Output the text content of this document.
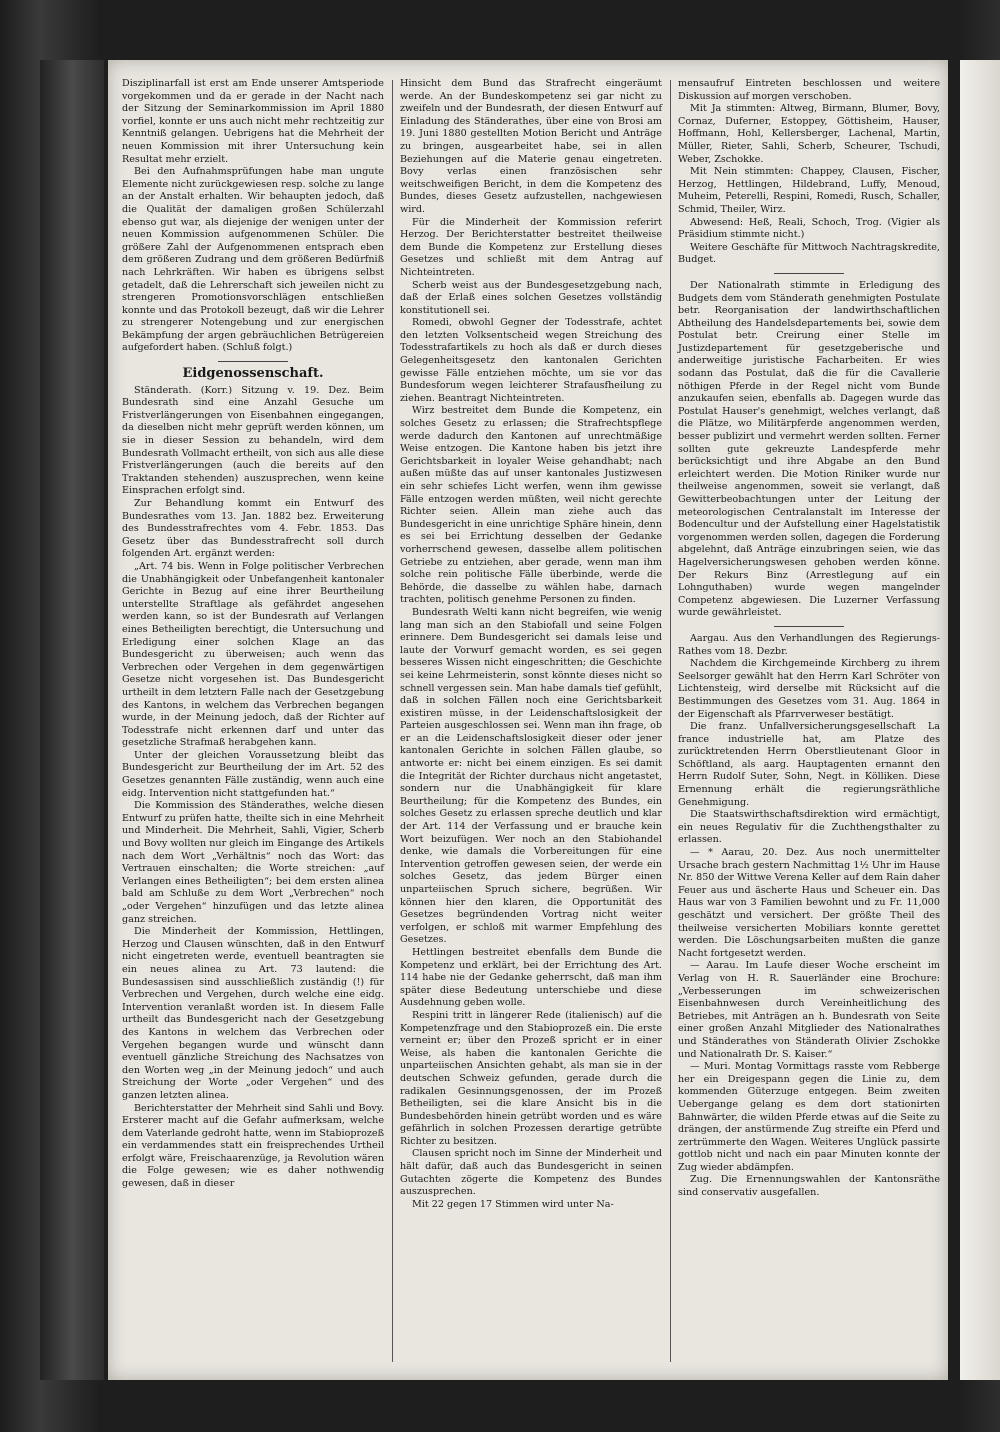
Disziplinarfall ist erst am Ende unserer Amtsperiode vorgekommen und da er gerade in der Nacht nach der Sitzung der Seminarkommission im April 1880 vorfiel, konnte er uns auch nicht mehr rechtzeitig zur Kenntniß gelangen. Uebrigens hat die Mehrheit der neuen Kommission mit ihrer Untersuchung kein Resultat mehr erzielt.

Bei den Aufnahmsprüfungen habe man ungute Elemente nicht zurückgewiesen resp. solche zu lange an der Anstalt erhalten. Wir behaupten jedoch, daß die Qualität der damaligen großen Schülerzahl ebenso gut war, als diejenige der wenigen unter der neuen Kommission aufgenommenen Schüler. Die größere Zahl der Aufgenommenen entsprach eben dem größeren Zudrang und dem größeren Bedürfniß nach Lehrkräften. Wir haben es übrigens selbst getadelt, daß die Lehrerschaft sich jeweilen nicht zu strengeren Promotionsvorschlägen entschließen konnte und das Protokoll bezeugt, daß wir die Lehrer zu strengerer Notengebung und zur energischen Bekämpfung der argen gebräuchlichen Betrügereien aufgefordert haben. (Schluß folgt.)

Eidgenossenschaft.

Ständerath. (Korr.) Sitzung v. 19. Dez. Beim Bundesrath sind eine Anzahl Gesuche um Fristverlängerungen von Eisenbahnen eingegangen, da dieselben nicht mehr geprüft werden können, um sie in dieser Session zu behandeln, wird dem Bundesrath Vollmacht ertheilt, von sich aus alle diese Fristverlängerungen (auch die bereits auf den Traktanden stehenden) auszusprechen, wenn keine Einsprachen erfolgt sind.

Zur Behandlung kommt ein Entwurf des Bundesrathes vom 13. Jan. 1882 bez. Erweiterung des Bundesstrafrechtes vom 4. Febr. 1853. Das Gesetz über das Bundesstrafrecht soll durch folgenden Art. ergänzt werden:

„Art. 74 bis. Wenn in Folge politischer Verbrechen die Unabhängigkeit oder Unbefangenheit kantonaler Gerichte in Bezug auf eine ihrer Beurtheilung unterstellte Straftlage als gefährdet angesehen werden kann, so ist der Bundesrath auf Verlangen eines Betheiligten berechtigt, die Untersuchung und Erledigung einer solchen Klage an das Bundesgericht zu überweisen; auch wenn das Verbrechen oder Vergehen in dem gegenwärtigen Gesetze nicht vorgesehen ist. Das Bundesgericht urtheilt in dem letztern Falle nach der Gesetzgebung des Kantons, in welchem das Verbrechen begangen wurde, in der Meinung jedoch, daß der Richter auf Todesstrafe nicht erkennen darf und unter das gesetzliche Strafmaß herabgehen kann.

Unter der gleichen Voraussetzung bleibt das Bundesgericht zur Beurtheilung der im Art. 52 des Gesetzes genannten Fälle zuständig, wenn auch eine eidg. Intervention nicht stattgefunden hat.“

Die Kommission des Ständerathes, welche diesen Entwurf zu prüfen hatte, theilte sich in eine Mehrheit und Minderheit. Die Mehrheit, Sahli, Vigier, Scherb und Bovy wollten nur gleich im Eingange des Artikels nach dem Wort „Verhältnis“ noch das Wort: das Vertrauen einschalten; die Worte streichen: „auf Verlangen eines Betheiligten“; bei dem ersten alinea bald am Schluße zu dem Wort „Verbrechen“ noch „oder Vergehen“ hinzufügen und das letzte alinea ganz streichen.

Die Minderheit der Kommission, Hettlingen, Herzog und Clausen wünschten, daß in den Entwurf nicht eingetreten werde, eventuell beantragten sie ein neues alinea zu Art. 73 lautend: die Bundesassisen sind ausschließlich zuständig (!) für Verbrechen und Vergehen, durch welche eine eidg. Intervention veranlaßt worden ist. In diesem Falle urtheilt das Bundesgericht nach der Gesetzgebung des Kantons in welchem das Verbrechen oder Vergehen begangen wurde und wünscht dann eventuell gänzliche Streichung des Nachsatzes von den Worten weg „in der Meinung jedoch“ und auch Streichung der Worte „oder Vergehen“ und des ganzen letzten alinea.

Berichterstatter der Mehrheit sind Sahli und Bovy. Ersterer macht auf die Gefahr aufmerksam, welche dem Vaterlande gedroht hatte, wenn im Stabioprozeß ein verdammendes statt ein freisprechendes Urtheil erfolgt wäre, Freischaarenzüge, ja Revolution wären die Folge gewesen; wie es daher nothwendig gewesen, daß in dieser

Hinsicht dem Bund das Strafrecht eingeräumt werde. An der Bundeskompetenz sei gar nicht zu zweifeln und der Bundesrath, der diesen Entwurf auf Einladung des Ständerathes, über eine von Brosi am 19. Juni 1880 gestellten Motion Bericht und Anträge zu bringen, ausgearbeitet habe, sei in allen Beziehungen auf die Materie genau eingetreten. Bovy verlas einen französischen sehr weitschweifigen Bericht, in dem die Kompetenz des Bundes, dieses Gesetz aufzustellen, nachgewiesen wird.

Für die Minderheit der Kommission referirt Herzog. Der Berichterstatter bestreitet theilweise dem Bunde die Kompetenz zur Erstellung dieses Gesetzes und schließt mit dem Antrag auf Nichteintreten.

Scherb weist aus der Bundesgesetzgebung nach, daß der Erlaß eines solchen Gesetzes vollständig konstitutionell sei.

Romedi, obwohl Gegner der Todesstrafe, achtet den letzten Volksentscheid wegen Streichung des Todesstrafartikels zu hoch als daß er durch dieses Gelegenheitsgesetz den kantonalen Gerichten gewisse Fälle entziehen möchte, um sie vor das Bundesforum wegen leichterer Strafausfheilung zu ziehen. Beantragt Nichteintreten.

Wirz bestreitet dem Bunde die Kompetenz, ein solches Gesetz zu erlassen; die Strafrechtspflege werde dadurch den Kantonen auf unrechtmäßige Weise entzogen. Die Kantone haben bis jetzt ihre Gerichtsbarkeit in loyaler Weise gehandhabt; nach außen müßte das auf unser kantonales Justizwesen ein sehr schiefes Licht werfen, wenn ihm gewisse Fälle entzogen werden müßten, weil nicht gerechte Richter seien. Allein man ziehe auch das Bundesgericht in eine unrichtige Sphäre hinein, denn es sei bei Errichtung desselben der Gedanke vorherrschend gewesen, dasselbe allem politischen Getriebe zu entziehen, aber gerade, wenn man ihm solche rein politische Fälle überbinde, werde die Behörde, die dasselbe zu wählen habe, darnach trachten, politisch genehme Personen zu finden.

Bundesrath Welti kann nicht begreifen, wie wenig lang man sich an den Stabiofall und seine Folgen erinnere. Dem Bundesgericht sei damals leise und laute der Vorwurf gemacht worden, es sei gegen besseres Wissen nicht eingeschritten; die Geschichte sei keine Lehrmeisterin, sonst könnte dieses nicht so schnell vergessen sein. Man habe damals tief gefühlt, daß in solchen Fällen noch eine Gerichtsbarkeit existiren müsse, in der Leidenschaftslosigkeit der Parteien ausgeschlossen sei. Wenn man ihn frage, ob er an die Leidenschaftslosigkeit dieser oder jener kantonalen Gerichte in solchen Fällen glaube, so antworte er: nicht bei einem einzigen. Es sei damit die Integrität der Richter durchaus nicht angetastet, sondern nur die Unabhängigkeit für klare Beurtheilung; für die Kompetenz des Bundes, ein solches Gesetz zu erlassen spreche deutlich und klar der Art. 114 der Verfassung und er brauche kein Wort beizufügen. Wer noch an den Stabiohandel denke, wie damals die Vorbereitungen für eine Intervention getroffen gewesen seien, der werde ein solches Gesetz, das jedem Bürger einen unparteiischen Spruch sichere, begrüßen. Wir können hier den klaren, die Opportunität des Gesetzes begründenden Vortrag nicht weiter verfolgen, er schloß mit warmer Empfehlung des Gesetzes.

Hettlingen bestreitet ebenfalls dem Bunde die Kompetenz und erklärt, bei der Errichtung des Art. 114 habe nie der Gedanke geherrscht, daß man ihm später diese Bedeutung unterschiebe und diese Ausdehnung geben wolle.

Respini tritt in längerer Rede (italienisch) auf die Kompetenzfrage und den Stabioprozeß ein. Die erste verneint er; über den Prozeß spricht er in einer Weise, als haben die kantonalen Gerichte die unparteiischen Ansichten gehabt, als man sie in der deutschen Schweiz gefunden, gerade durch die radikalen Gesinnungsgenossen, der im Prozeß Betheiligten, sei die klare Ansicht bis in die Bundesbehörden hinein getrübt worden und es wäre gefährlich in solchen Prozessen derartige getrübte Richter zu besitzen.

Clausen spricht noch im Sinne der Minderheit und hält dafür, daß auch das Bundesgericht in seinen Gutachten zögerte die Kompetenz des Bundes auszusprechen.

Mit 22 gegen 17 Stimmen wird unter Na-

mensaufruf Eintreten beschlossen und weitere Diskussion auf morgen verschoben.

Mit Ja stimmten: Altweg, Birmann, Blumer, Bovy, Cornaz, Duferner, Estoppey, Göttisheim, Hauser, Hoffmann, Hohl, Kellersberger, Lachenal, Martin, Müller, Rieter, Sahli, Scherb, Scheurer, Tschudi, Weber, Zschokke.

Mit Nein stimmten: Chappey, Clausen, Fischer, Herzog, Hettlingen, Hildebrand, Luffy, Menoud, Muheim, Peterelli, Respini, Romedi, Rusch, Schaller, Schmid, Theiler, Wirz.

Abwesend: Heß, Reali, Schoch, Trog. (Vigier als Präsidium stimmte nicht.)

Weitere Geschäfte für Mittwoch Nachtragskredite, Budget.

Der Nationalrath stimmte in Erledigung des Budgets dem vom Ständerath genehmigten Postulate betr. Reorganisation der landwirthschaftlichen Abtheilung des Handelsdepartements bei, sowie dem Postulat betr. Creirung einer Stelle im Justizdepartement für gesetzgeberische und anderweitige juristische Facharbeiten. Er wies sodann das Postulat, daß die für die Cavallerie nöthigen Pferde in der Regel nicht vom Bunde anzukaufen seien, ebenfalls ab. Dagegen wurde das Postulat Hauser's genehmigt, welches verlangt, daß die Plätze, wo Militärpferde angenommen werden, besser publizirt und vermehrt werden sollten. Ferner sollten gute gekreuzte Landespferde mehr berücksichtigt und ihre Abgabe an den Bund erleichtert werden. Die Motion Riniker wurde nur theilweise angenommen, soweit sie verlangt, daß Gewitterbeobachtungen unter der Leitung der meteorologischen Centralanstalt im Interesse der Bodencultur und der Aufstellung einer Hagelstatistik vorgenommen werden sollen, dagegen die Forderung abgelehnt, daß Anträge einzubringen seien, wie das Hagelversicherungswesen gehoben werden könne. Der Rekurs Binz (Arrestlegung auf ein Lohnguthaben) wurde wegen mangelnder Competenz abgewiesen. Die Luzerner Verfassung wurde gewährleistet.

Aargau. Aus den Verhandlungen des Regierungs-Rathes vom 18. Dezbr.

Nachdem die Kirchgemeinde Kirchberg zu ihrem Seelsorger gewählt hat den Herrn Karl Schröter von Lichtensteig, wird derselbe mit Rücksicht auf die Bestimmungen des Gesetzes vom 31. Aug. 1864 in der Eigenschaft als Pfarrverweser bestätigt.

Die franz. Unfallversicherungsgesellschaft La france industrielle hat, am Platze des zurücktretenden Herrn Oberstlieutenant Gloor in Schöftland, als aarg. Hauptagenten ernannt den Herrn Rudolf Suter, Sohn, Negt. in Kölliken. Diese Ernennung erhält die regierungsräthliche Genehmigung.

Die Staatswirthschaftsdirektion wird ermächtigt, ein neues Regulativ für die Zuchthengsthalter zu erlassen.

— * Aarau, 20. Dez. Aus noch unermittelter Ursache brach gestern Nachmittag 1½ Uhr im Hause Nr. 850 der Wittwe Verena Keller auf dem Rain daher Feuer aus und äscherte Haus und Scheuer ein. Das Haus war von 3 Familien bewohnt und zu Fr. 11,000 geschätzt und versichert. Der größte Theil des theilweise versicherten Mobiliars konnte gerettet werden. Die Löschungsarbeiten mußten die ganze Nacht fortgesetzt werden.

— Aarau. Im Laufe dieser Woche erscheint im Verlag von H. R. Sauerländer eine Brochure: „Verbesserungen im schweizerischen Eisenbahnwesen durch Vereinheitlichung des Betriebes, mit Anträgen an h. Bundesrath von Seite einer großen Anzahl Mitglieder des Nationalrathes und Ständerathes von Ständerath Olivier Zschokke und Nationalrath Dr. S. Kaiser.“

— Muri. Montag Vormittags rasste vom Rebberge her ein Dreigespann gegen die Linie zu, dem kommenden Güterzuge entgegen. Beim zweiten Uebergange gelang es dem dort stationirten Bahnwärter, die wilden Pferde etwas auf die Seite zu drängen, der anstürmende Zug streifte ein Pferd und zertrümmerte den Wagen. Weiteres Unglück passirte gottlob nicht und nach ein paar Minuten konnte der Zug wieder abdämpfen.

Zug. Die Ernennungswahlen der Kantonsräthe sind conservativ ausgefallen.
